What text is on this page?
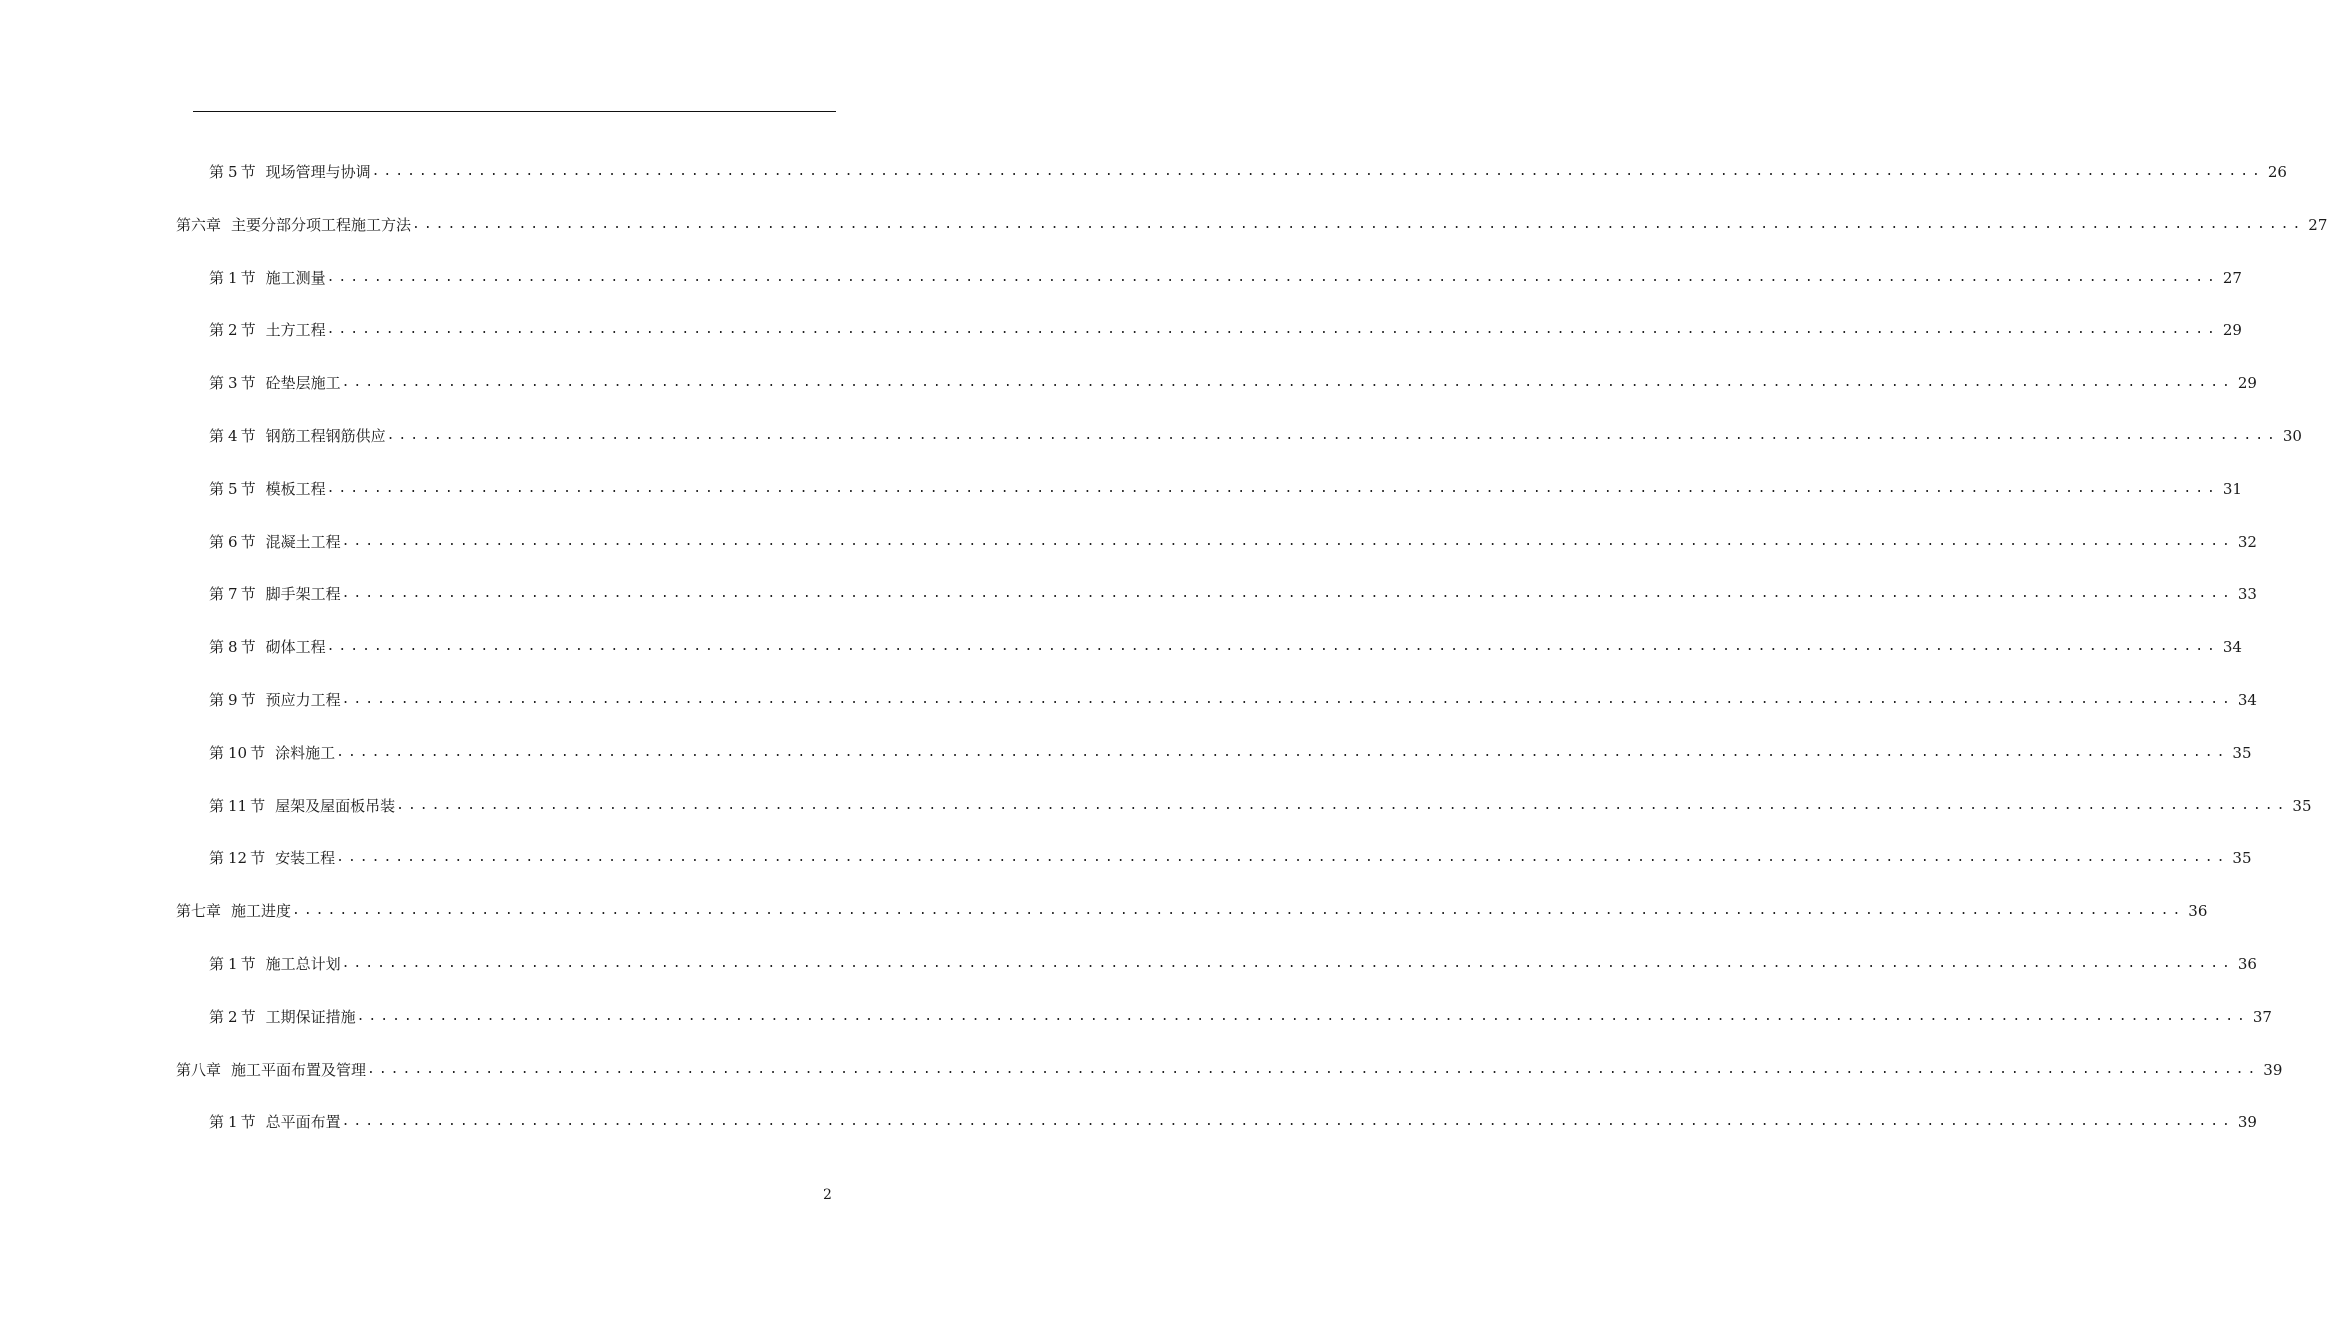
第 5 节 现场管理与协调 ................................................................................................................................................................ 26
第六章 主要分部分项工程施工方法 ................................................................................................................................................................ 27
第 1 节 施工测量 ................................................................................................................................................................ 27
第 2 节 土方工程 ................................................................................................................................................................ 29
第 3 节 砼垫层施工 ................................................................................................................................................................ 29
第 4 节 钢筋工程钢筋供应 ................................................................................................................................................................ 30
第 5 节 模板工程 ................................................................................................................................................................ 31
第 6 节 混凝土工程 ................................................................................................................................................................ 32
第 7 节 脚手架工程 ................................................................................................................................................................ 33
第 8 节 砌体工程 ................................................................................................................................................................ 34
第 9 节 预应力工程 ................................................................................................................................................................ 34
第 10 节 涂料施工 ................................................................................................................................................................ 35
第 11 节 屋架及屋面板吊装 ................................................................................................................................................................ 35
第 12 节 安装工程 ................................................................................................................................................................ 35
第七章 施工进度 ................................................................................................................................................................ 36
第 1 节 施工总计划 ................................................................................................................................................................ 36
第 2 节 工期保证措施 ................................................................................................................................................................ 37
第八章 施工平面布置及管理 ................................................................................................................................................................ 39
第 1 节 总平面布置 ................................................................................................................................................................ 39
2
